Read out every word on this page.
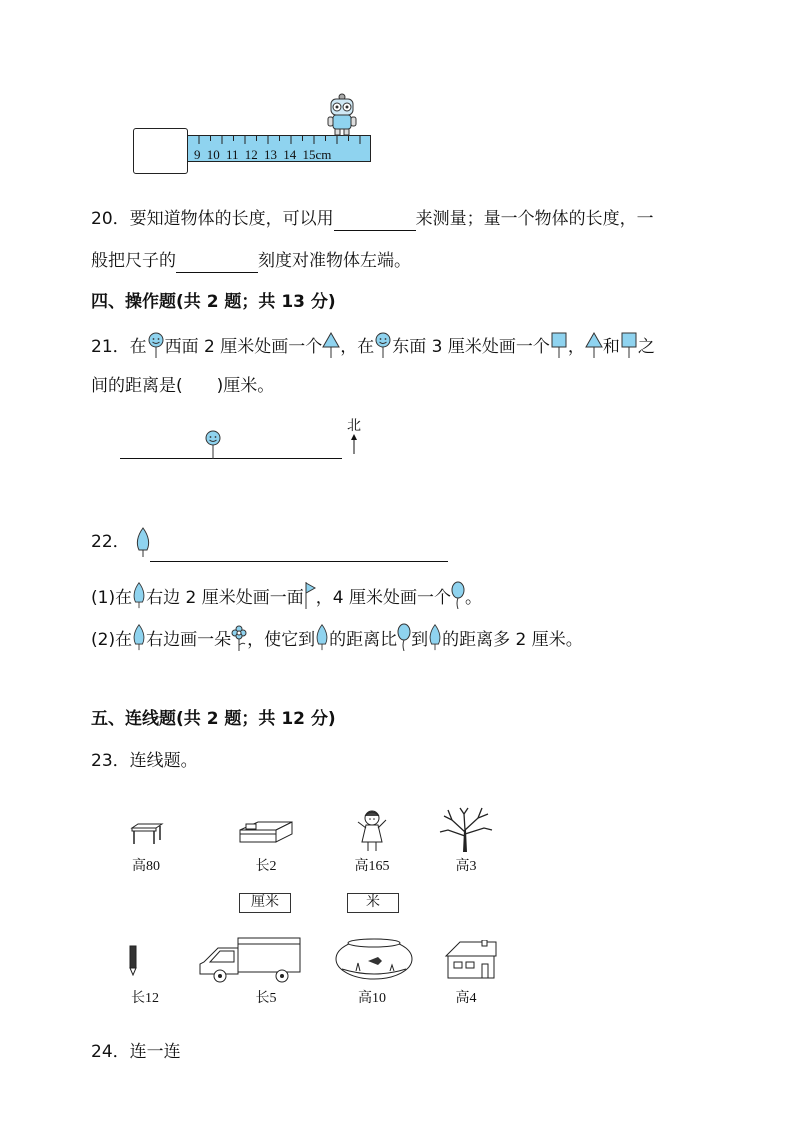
9 10 11 12 13 14 15cm
20．要知道物体的长度，可以用	来测量；量一个物体的长度，一
般把尺子的	刻度对准物体左端。
四、操作题(共 2 题；共 13 分)
21．在 西面 2 厘米处画一个 ，在 东面 3 厘米处画一个 ， 和 之
间的距离是(　　)厘米。
北
22．
(1)在 右边 2 厘米处画一面 ，4 厘米处画一个 。
(2)在 右边画一朵 ，使它到 的距离比 到 的距离多 2 厘米。
五、连线题(共 2 题；共 12 分)
23．连线题。
高80	长2	高165	高3
厘米	米
长12	长5	高10	高4
24．连一连
